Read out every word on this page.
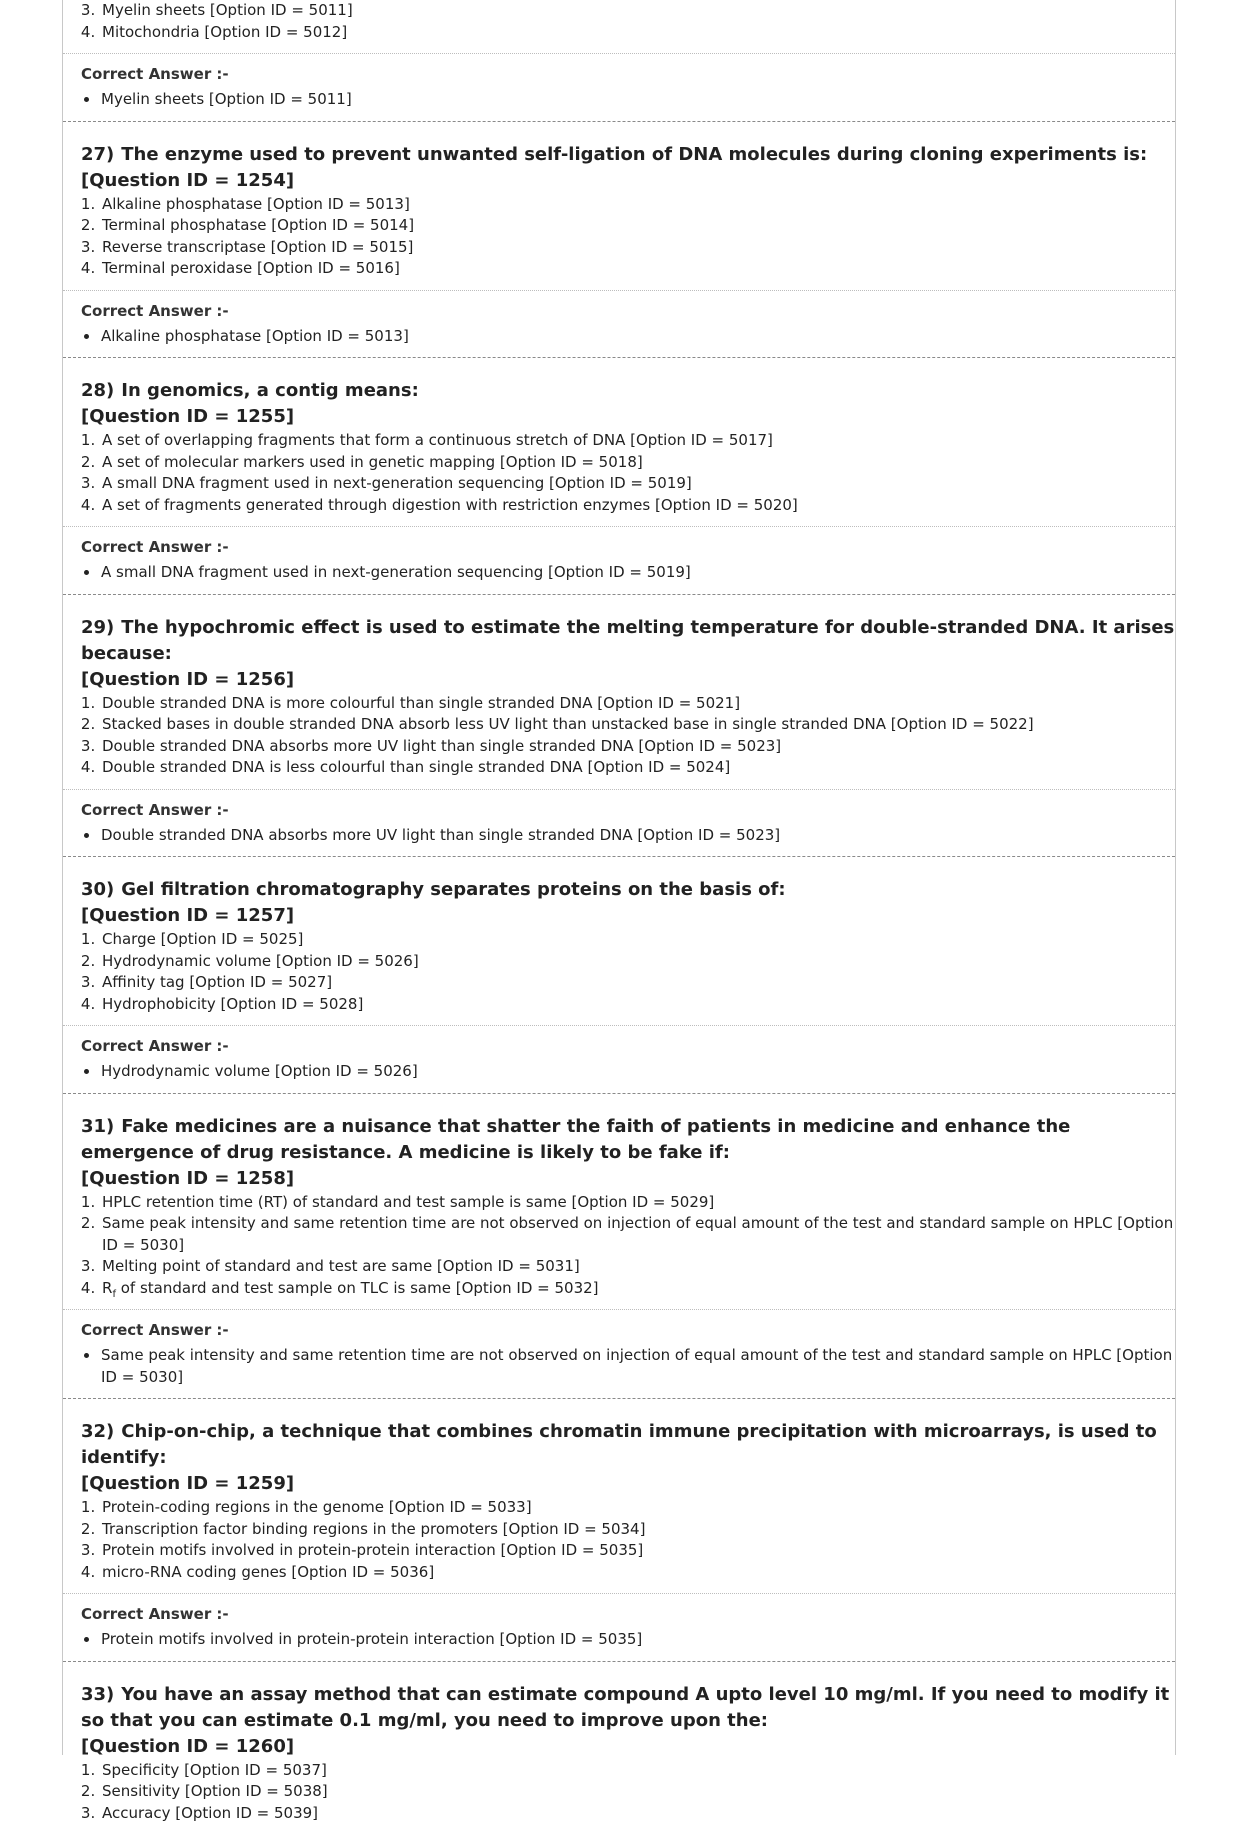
3. Myelin sheets [Option ID = 5011]
4. Mitochondria [Option ID = 5012]

Correct Answer :-

• Myelin sheets [Option ID = 5011]

27) The enzyme used to prevent unwanted self-ligation of DNA molecules during cloning experiments is:

[Question ID = 1254]

1. Alkaline phosphatase [Option ID = 5013]
2. Terminal phosphatase [Option ID = 5014]
3. Reverse transcriptase [Option ID = 5015]
4. Terminal peroxidase [Option ID = 5016]

Correct Answer :-

• Alkaline phosphatase [Option ID = 5013]

28) In genomics, a contig means:

[Question ID = 1255]

1. A set of overlapping fragments that form a continuous stretch of DNA [Option ID = 5017]
2. A set of molecular markers used in genetic mapping [Option ID = 5018]
3. A small DNA fragment used in next-generation sequencing [Option ID = 5019]
4. A set of fragments generated through digestion with restriction enzymes [Option ID = 5020]

Correct Answer :-

• A small DNA fragment used in next-generation sequencing [Option ID = 5019]

29) The hypochromic effect is used to estimate the melting temperature for double-stranded DNA. It arises because:

[Question ID = 1256]

1. Double stranded DNA is more colourful than single stranded DNA [Option ID = 5021]
2. Stacked bases in double stranded DNA absorb less UV light than unstacked base in single stranded DNA [Option ID = 5022]
3. Double stranded DNA absorbs more UV light than single stranded DNA [Option ID = 5023]
4. Double stranded DNA is less colourful than single stranded DNA [Option ID = 5024]

Correct Answer :-

• Double stranded DNA absorbs more UV light than single stranded DNA [Option ID = 5023]

30) Gel filtration chromatography separates proteins on the basis of:

[Question ID = 1257]

1. Charge [Option ID = 5025]
2. Hydrodynamic volume [Option ID = 5026]
3. Affinity tag [Option ID = 5027]
4. Hydrophobicity [Option ID = 5028]

Correct Answer :-

• Hydrodynamic volume [Option ID = 5026]

31) Fake medicines are a nuisance that shatter the faith of patients in medicine and enhance the emergence of drug resistance. A medicine is likely to be fake if:

[Question ID = 1258]

1. HPLC retention time (RT) of standard and test sample is same [Option ID = 5029]
2. Same peak intensity and same retention time are not observed on injection of equal amount of the test and standard sample on HPLC [Option ID = 5030]
3. Melting point of standard and test are same [Option ID = 5031]
4. $R_f$ of standard and test sample on TLC is same [Option ID = 5032]

Correct Answer :-

• Same peak intensity and same retention time are not observed on injection of equal amount of the test and standard sample on HPLC [Option ID = 5030]

32) Chip-on-chip, a technique that combines chromatin immune precipitation with microarrays, is used to identify:

[Question ID = 1259]

1. Protein-coding regions in the genome [Option ID = 5033]
2. Transcription factor binding regions in the promoters [Option ID = 5034]
3. Protein motifs involved in protein-protein interaction [Option ID = 5035]
4. micro-RNA coding genes [Option ID = 5036]

Correct Answer :-

• Protein motifs involved in protein-protein interaction [Option ID = 5035]

33) You have an assay method that can estimate compound A upto level 10 mg/ml. If you need to modify it so that you can estimate 0.1 mg/ml, you need to improve upon the:

[Question ID = 1260]

1. Specificity [Option ID = 5037]
2. Sensitivity [Option ID = 5038]
3. Accuracy [Option ID = 5039]
